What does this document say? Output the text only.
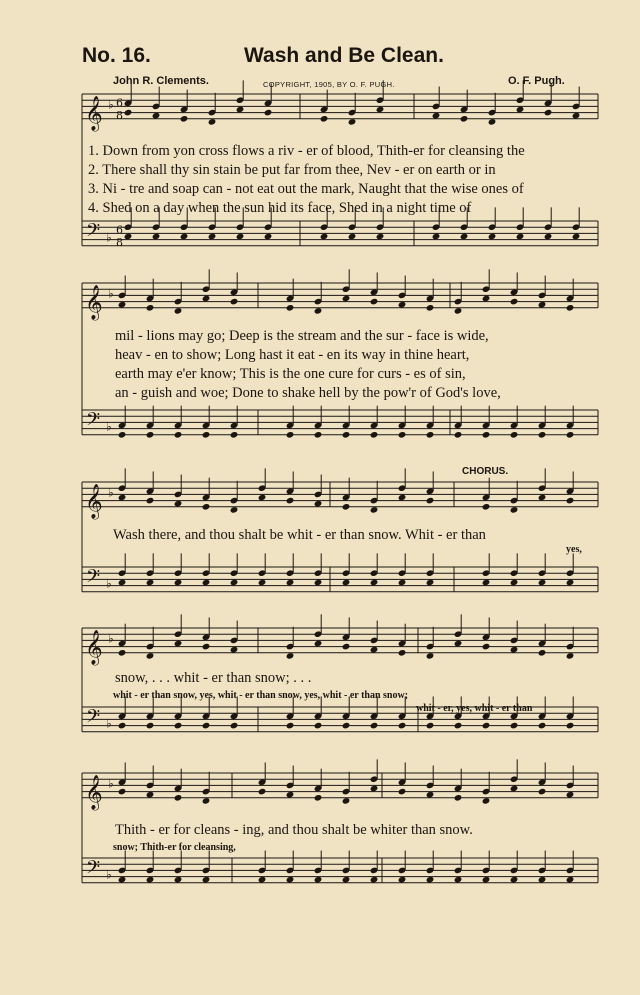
No. 16.	Wash and Be Clean.
John R. Clements.	COPYRIGHT, 1905, BY O. F. PUGH.	O. F. Pugh.
𝄞
𝄢
♭
♭
6
8
6
8
𝄞
𝄢
♭
♭
𝄞
𝄢
♭
♭
𝄞
𝄢
♭
♭
𝄞
𝄢
♭
♭
1. Down from yon cross flows a riv - er of blood, Thith-er for cleansing the
2. There shall thy sin stain be put far from thee, Nev - er on earth or in
3. Ni - tre and soap can - not eat out the mark, Naught that the wise ones of
4. Shed on a day when the sun hid its face, Shed in a night time of
mil - lions may go; Deep is the stream and the sur - face is wide,
heav - en to show; Long hast it eat - en its way in thine heart,
earth may e'er know; This is the one cure for curs - es of sin,
an - guish and woe; Done to shake hell by the pow'r of God's love,
CHORUS.
Wash there, and thou shalt be whit - er than snow. Whit - er than
yes,
snow, . . . whit - er than snow; . . .
whit - er than snow, yes, whit - er than snow, yes, whit - er than snow;
whit - er, yes, whit - er than
Thith - er for cleans - ing, and thou shalt be whiter than snow.
snow; Thith-er for cleansing,
